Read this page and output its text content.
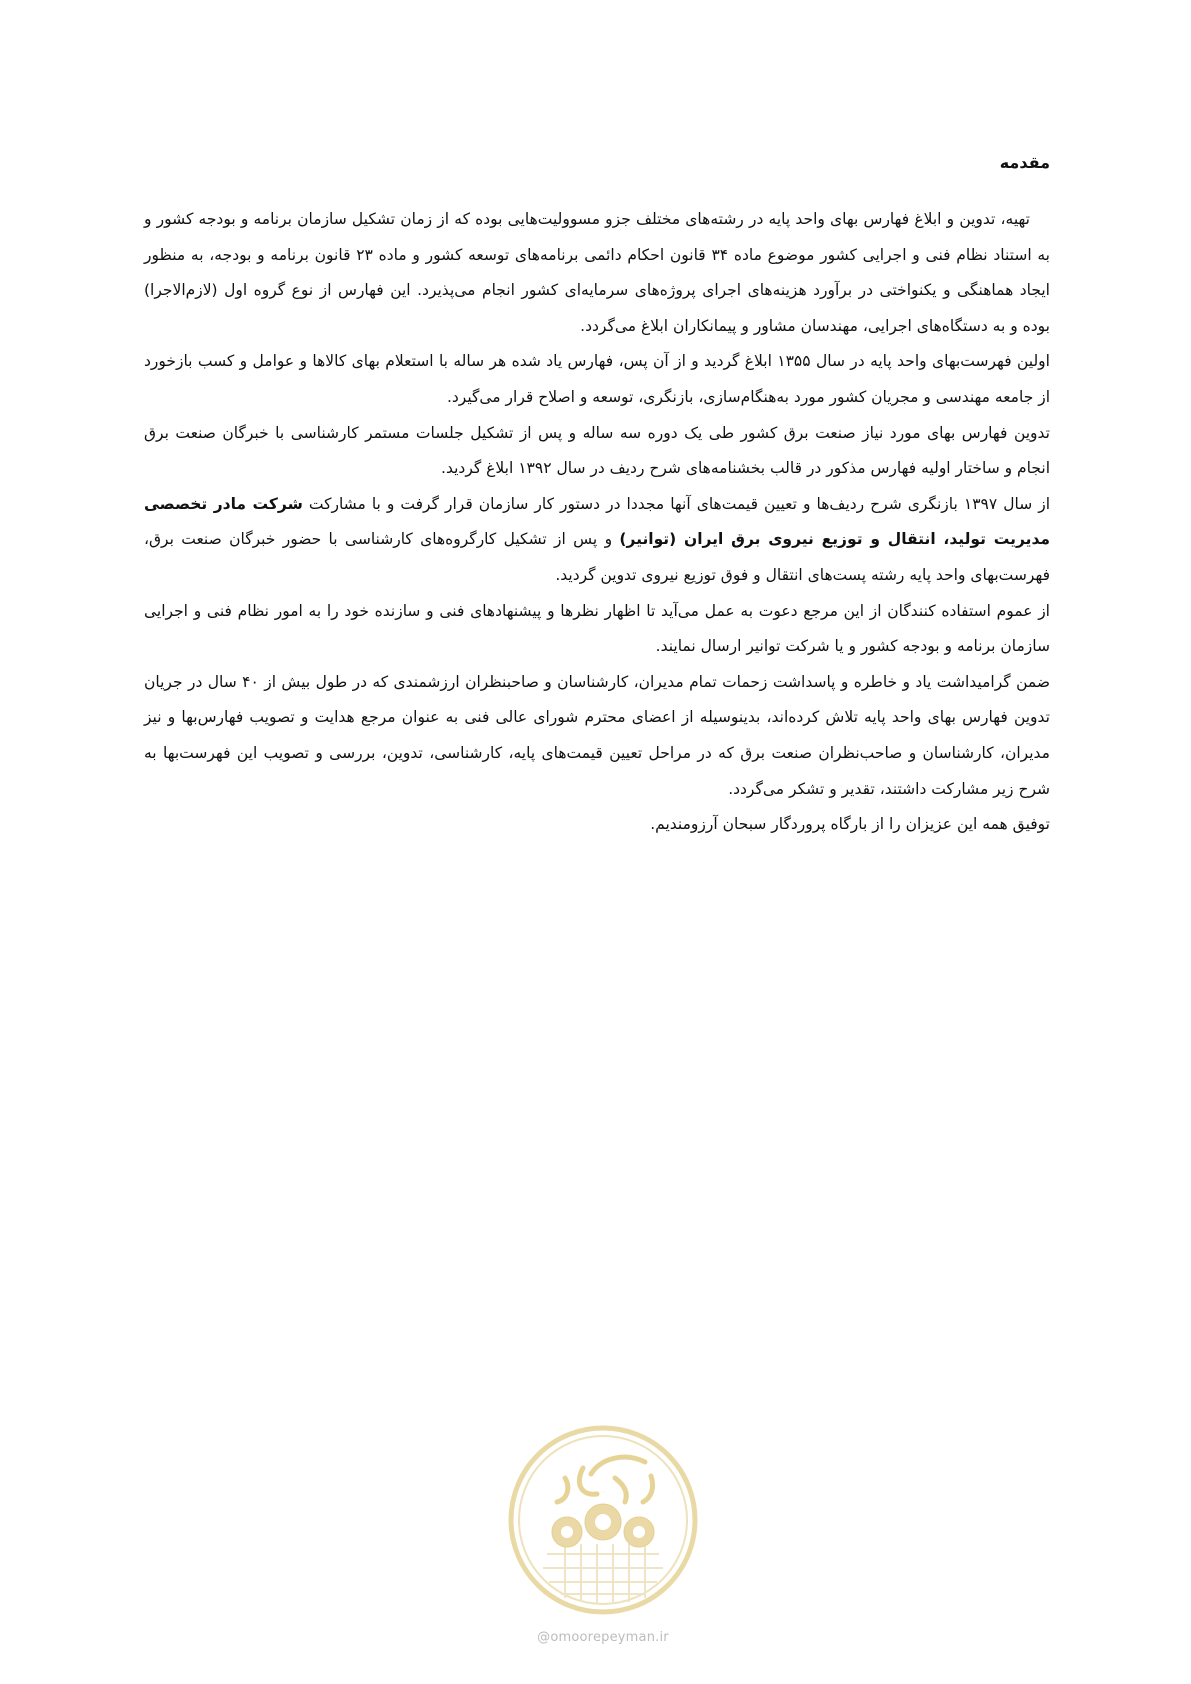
مقدمه

تهیه، تدوین و ابلاغ فهارس بهای واحد پایه در رشته‌های مختلف جزو مسوولیت‌هایی بوده که از زمان تشکیل سازمان برنامه و بودجه کشور و به استناد نظام فنی و اجرایی کشور موضوع ماده ۳۴ قانون احکام دائمی برنامه‌های توسعه کشور و ماده ۲۳ قانون برنامه و بودجه، به منظور ایجاد هماهنگی و یکنواختی در برآورد هزینه‌های اجرای پروژه‌های سرمایه‌ای کشور انجام می‌پذیرد. این فهارس از نوع گروه اول (لازم‌الاجرا) بوده و به دستگاه‌های اجرایی، مهندسان مشاور و پیمانکاران ابلاغ می‌گردد.

اولین فهرست‌بهای واحد پایه در سال ۱۳۵۵ ابلاغ گردید و از آن پس، فهارس یاد شده هر ساله با استعلام بهای کالاها و عوامل و کسب بازخورد از جامعه مهندسی و مجریان کشور مورد به‌هنگام‌سازی، بازنگری، توسعه و اصلاح قرار می‌گیرد.

تدوین فهارس بهای مورد نیاز صنعت برق کشور طی یک دوره سه ساله و پس از تشکیل جلسات مستمر کارشناسی با خبرگان صنعت برق انجام و ساختار اولیه فهارس مذکور در قالب بخشنامه‌های شرح ردیف در سال ۱۳۹۲ ابلاغ گردید.

از سال ۱۳۹۷ بازنگری شرح ردیف‌ها و تعیین قیمت‌های آنها مجددا در دستور کار سازمان قرار گرفت و با مشارکت شرکت مادر تخصصی مدیریت تولید، انتقال و توزیع نیروی برق ایران (توانیر) و پس از تشکیل کارگروه‌های کارشناسی با حضور خبرگان صنعت برق، فهرست‌بهای واحد پایه رشته پست‌های انتقال و فوق توزیع نیروی تدوین گردید.

از عموم استفاده کنندگان از این مرجع دعوت به عمل می‌آید تا اظهار نظرها و پیشنهادهای فنی و سازنده خود را به امور نظام فنی و اجرایی سازمان برنامه و بودجه کشور و یا شرکت توانیر ارسال نمایند.

ضمن گرامیداشت یاد و خاطره و پاسداشت زحمات تمام مدیران، کارشناسان و صاحبنظران ارزشمندی که در طول بیش از ۴۰ سال در جریان تدوین فهارس بهای واحد پایه تلاش کرده‌اند، بدینوسیله از اعضای محترم شورای عالی فنی به عنوان مرجع هدایت و تصویب فهارس‌بها و نیز مدیران، کارشناسان و صاحب‌نظران صنعت برق که در مراحل تعیین قیمت‌های پایه، کارشناسی، تدوین، بررسی و تصویب این فهرست‌بها به شرح زیر مشارکت داشتند، تقدیر و تشکر می‌گردد.

توفیق همه این عزیزان را از بارگاه پروردگار سبحان آرزومندیم.

امورپیمان
@omoorepeyman.ir
